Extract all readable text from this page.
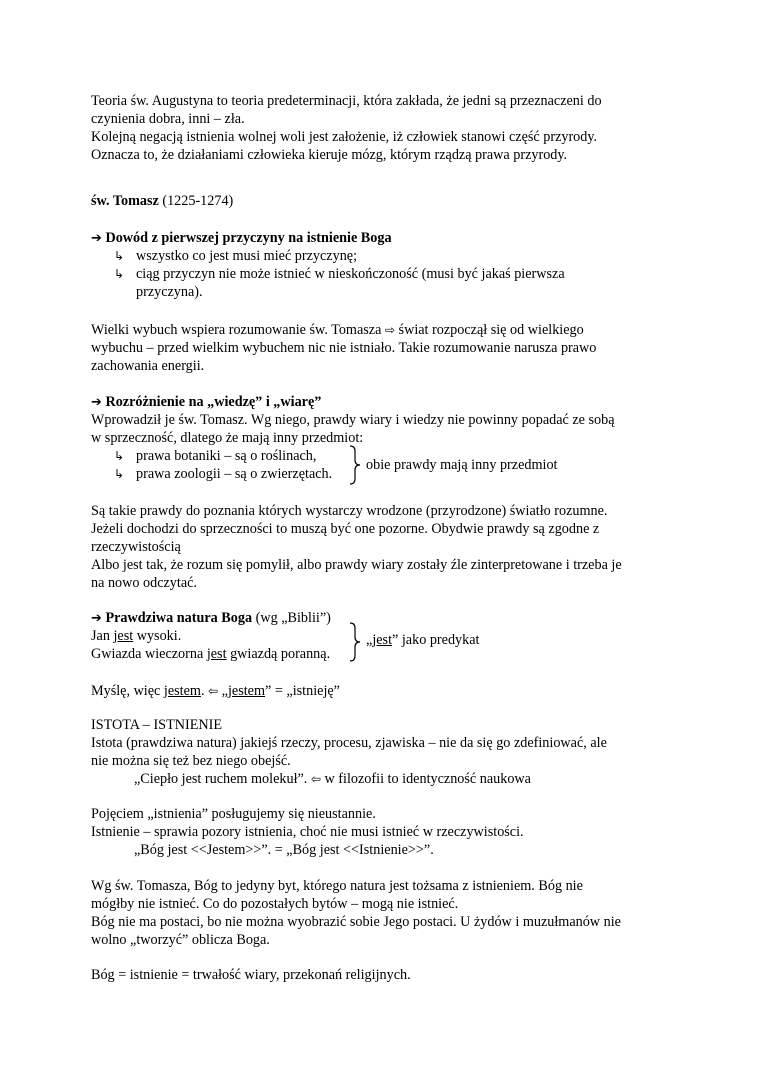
Teoria św. Augustyna to teoria predeterminacji, która zakłada, że jedni są przeznaczeni do
czynienia dobra, inni – zła.
Kolejną negacją istnienia wolnej woli jest założenie, iż człowiek stanowi część przyrody.
Oznacza to, że działaniami człowieka kieruje mózg, którym rządzą prawa przyrody.
św. Tomasz (1225-1274)
➔ Dowód z pierwszej przyczyny na istnienie Boga
↳ wszystko co jest musi mieć przyczynę;
↳ ciąg przyczyn nie może istnieć w nieskończoność (musi być jakaś pierwsza
przyczyna).
Wielki wybuch wspiera rozumowanie św. Tomasza ⇨ świat rozpoczął się od wielkiego
wybuchu – przed wielkim wybuchem nic nie istniało. Takie rozumowanie narusza prawo
zachowania energii.
➔ Rozróżnienie na „wiedzę” i „wiarę”
Wprowadził je św. Tomasz. Wg niego, prawdy wiary i wiedzy nie powinny popadać ze sobą
w sprzeczność, dlatego że mają inny przedmiot:
↳ prawa botaniki – są o roślinach,
↳ prawa zoologii – są o zwierzętach.
obie prawdy mają inny przedmiot
Są takie prawdy do poznania których wystarczy wrodzone (przyrodzone) światło rozumne.
Jeżeli dochodzi do sprzeczności to muszą być one pozorne. Obydwie prawdy są zgodne z
rzeczywistością
Albo jest tak, że rozum się pomylił, albo prawdy wiary zostały źle zinterpretowane i trzeba je
na nowo odczytać.
➔ Prawdziwa natura Boga (wg „Biblii”)
Jan jest wysoki.
Gwiazda wieczorna jest gwiazdą poranną.
„jest” jako predykat
Myślę, więc jestem. ⇦ „jestem” = „istnieję”
ISTOTA – ISTNIENIE
Istota (prawdziwa natura) jakiejś rzeczy, procesu, zjawiska – nie da się go zdefiniować, ale
nie można się też bez niego obejść.
„Ciepło jest ruchem molekuł”. ⇦ w filozofii to identyczność naukowa
Pojęciem „istnienia” posługujemy się nieustannie.
Istnienie – sprawia pozory istnienia, choć nie musi istnieć w rzeczywistości.
„Bóg jest <<Jestem>>”. = „Bóg jest <<Istnienie>>”.
Wg św. Tomasza, Bóg to jedyny byt, którego natura jest tożsama z istnieniem. Bóg nie
mógłby nie istnieć. Co do pozostałych bytów – mogą nie istnieć.
Bóg nie ma postaci, bo nie można wyobrazić sobie Jego postaci. U żydów i muzułmanów nie
wolno „tworzyć” oblicza Boga.
Bóg = istnienie = trwałość wiary, przekonań religijnych.
